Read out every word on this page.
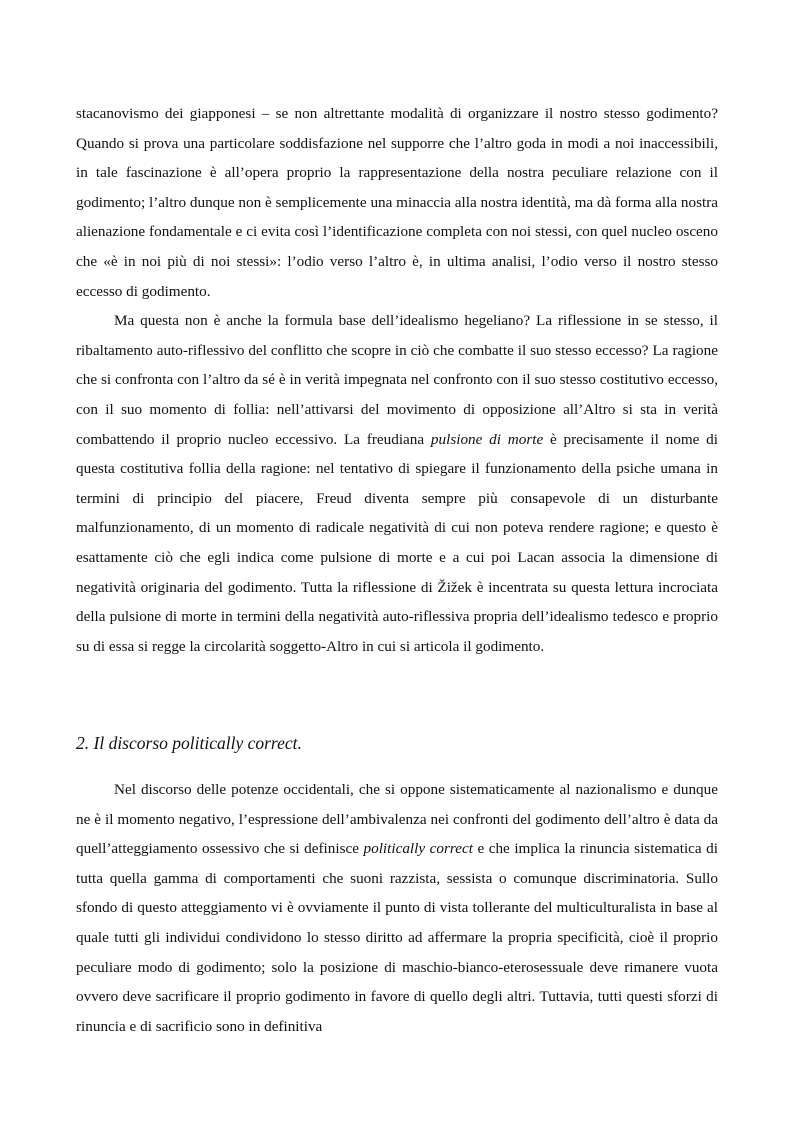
stacanovismo dei giapponesi – se non altrettante modalità di organizzare il nostro stesso godimento? Quando si prova una particolare soddisfazione nel supporre che l’altro goda in modi a noi inaccessibili, in tale fascinazione è all’opera proprio la rappresentazione della nostra peculiare relazione con il godimento; l’altro dunque non è semplicemente una minaccia alla nostra identità, ma dà forma alla nostra alienazione fondamentale e ci evita così l’identificazione completa con noi stessi, con quel nucleo osceno che «è in noi più di noi stessi»: l’odio verso l’altro è, in ultima analisi, l’odio verso il nostro stesso eccesso di godimento.

Ma questa non è anche la formula base dell’idealismo hegeliano? La riflessione in se stesso, il ribaltamento auto-riflessivo del conflitto che scopre in ciò che combatte il suo stesso eccesso? La ragione che si confronta con l’altro da sé è in verità impegnata nel confronto con il suo stesso costitutivo eccesso, con il suo momento di follia: nell’attivarsi del movimento di opposizione all’Altro si sta in verità combattendo il proprio nucleo eccessivo. La freudiana pulsione di morte è precisamente il nome di questa costitutiva follia della ragione: nel tentativo di spiegare il funzionamento della psiche umana in termini di principio del piacere, Freud diventa sempre più consapevole di un disturbante malfunzionamento, di un momento di radicale negatività di cui non poteva rendere ragione; e questo è esattamente ciò che egli indica come pulsione di morte e a cui poi Lacan associa la dimensione di negatività originaria del godimento. Tutta la riflessione di Žižek è incentrata su questa lettura incrociata della pulsione di morte in termini della negatività auto-riflessiva propria dell’idealismo tedesco e proprio su di essa si regge la circolarità soggetto-Altro in cui si articola il godimento.

2. Il discorso politically correct.

Nel discorso delle potenze occidentali, che si oppone sistematicamente al nazionalismo e dunque ne è il momento negativo, l’espressione dell’ambivalenza nei confronti del godimento dell’altro è data da quell’atteggiamento ossessivo che si definisce politically correct e che implica la rinuncia sistematica di tutta quella gamma di comportamenti che suoni razzista, sessista o comunque discriminatoria. Sullo sfondo di questo atteggiamento vi è ovviamente il punto di vista tollerante del multiculturalista in base al quale tutti gli individui condividono lo stesso diritto ad affermare la propria specificità, cioè il proprio peculiare modo di godimento; solo la posizione di maschio-bianco-eterosessuale deve rimanere vuota ovvero deve sacrificare il proprio godimento in favore di quello degli altri. Tuttavia, tutti questi sforzi di rinuncia e di sacrificio sono in definitiva
